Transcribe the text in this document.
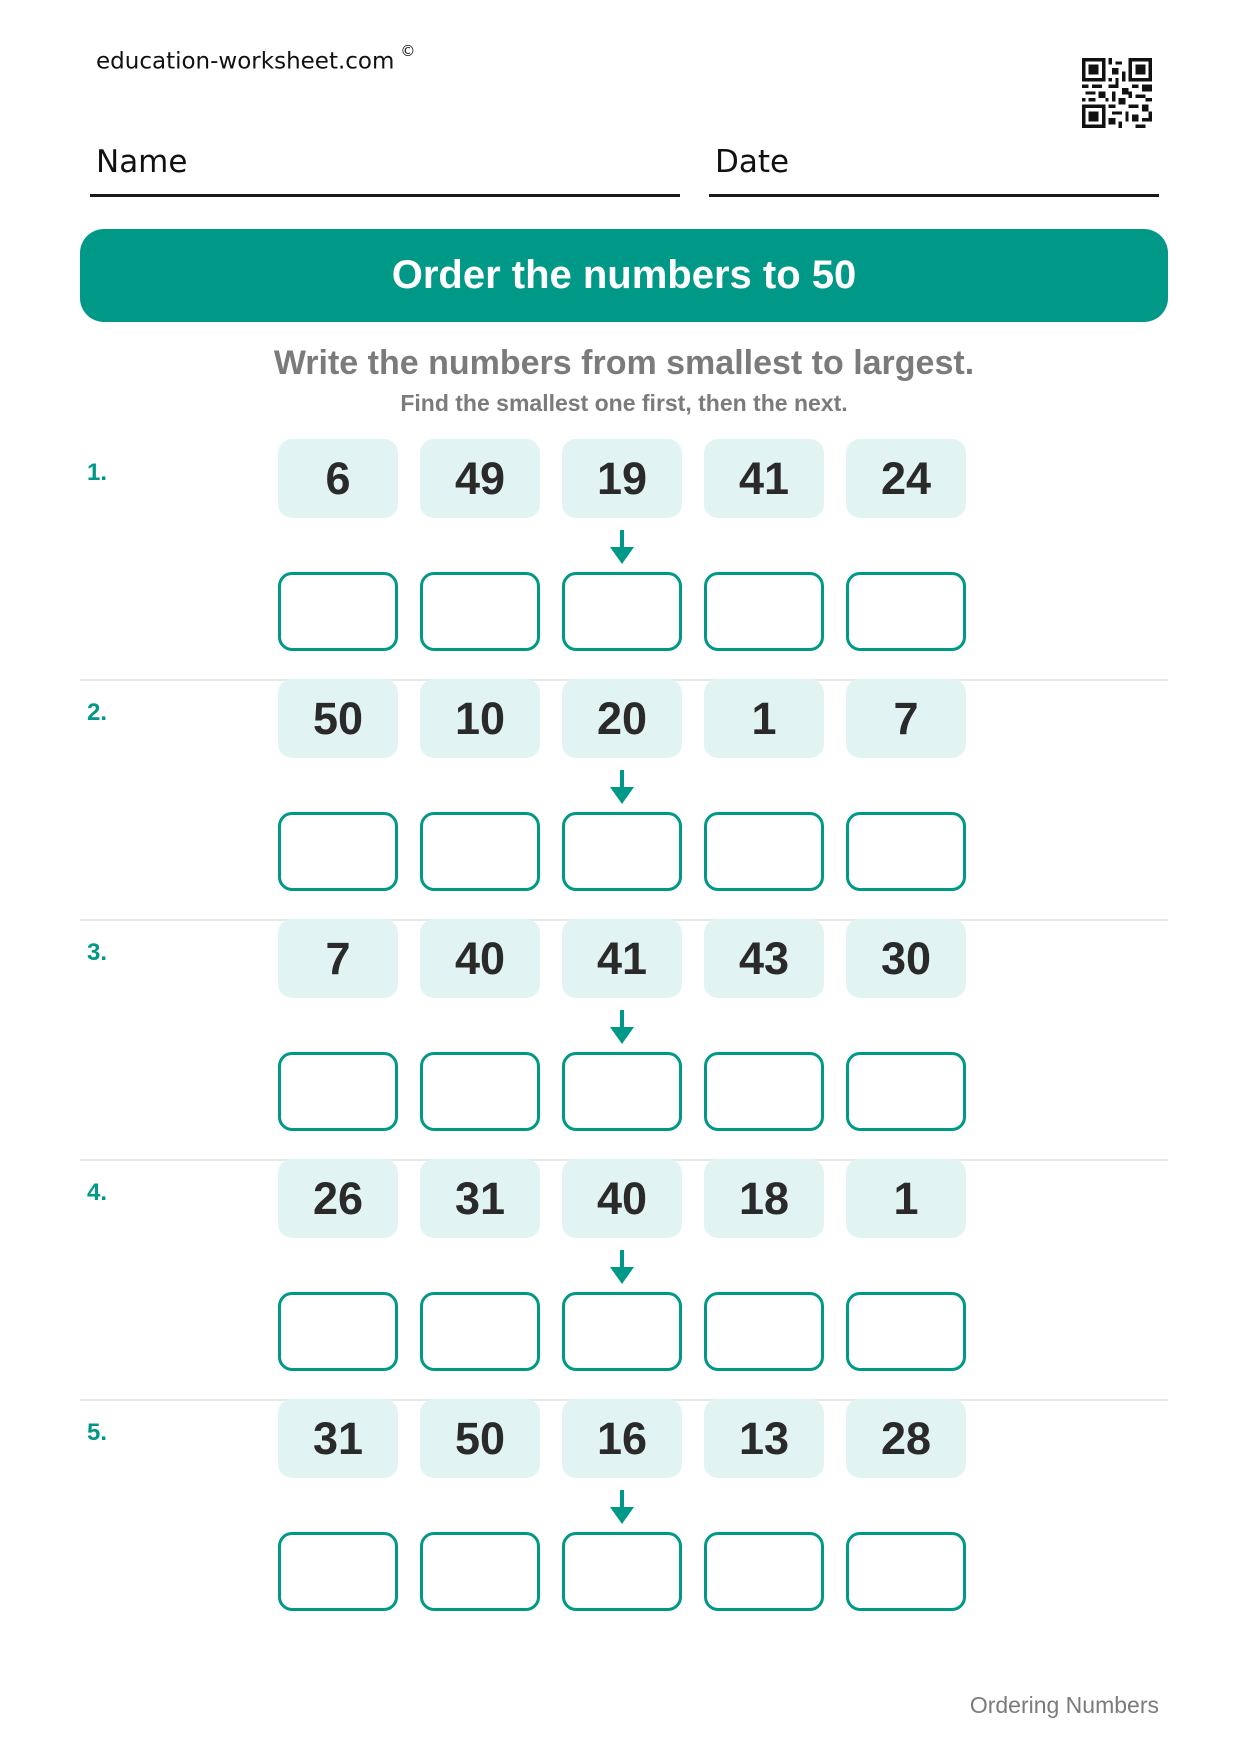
education-worksheet.com ©
Name	Date
Order the numbers to 50
Write the numbers from smallest to largest.
Find the smallest one first, then the next.
1.	6	49	19	41	24
2.	50	10	20	1	7
3.	7	40	41	43	30
4.	26	31	40	18	1
5.	31	50	16	13	28
Ordering Numbers
